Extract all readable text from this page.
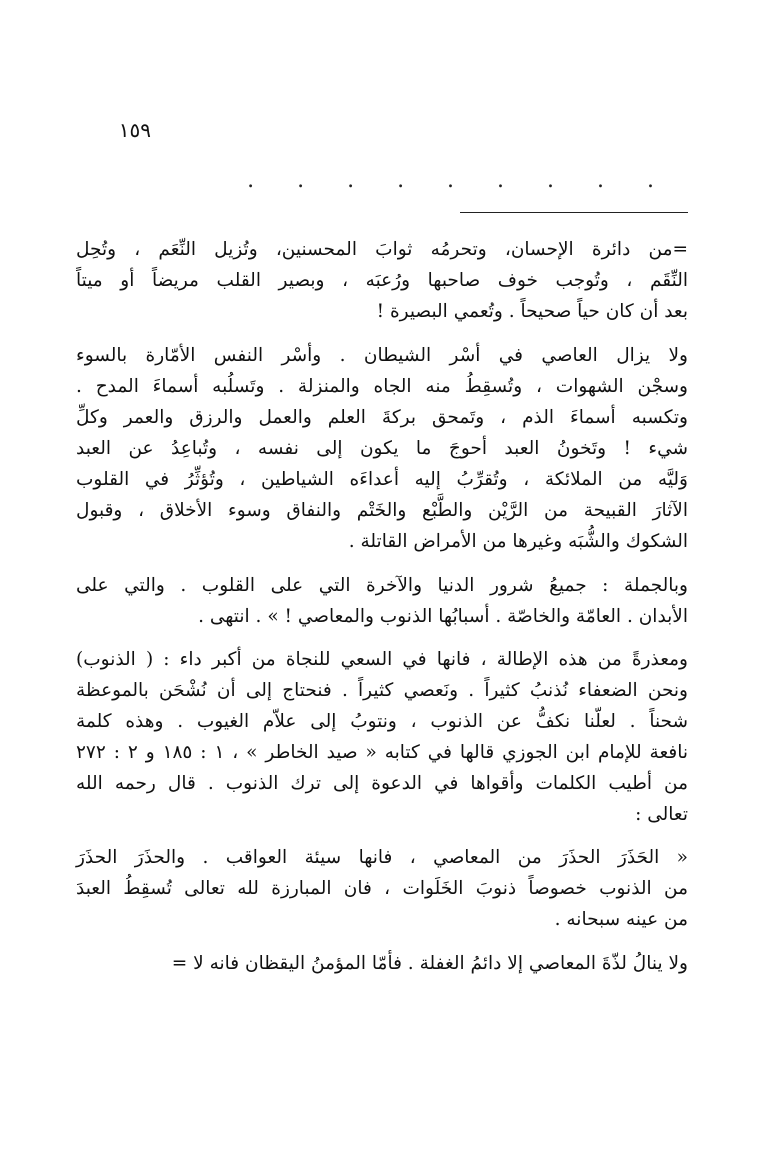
١٥٩
. . . . . . . . .
=من دائرة الإحسان، وتحرمُه ثوابَ المحسنين، وتُزيل النِّعَم ، وتُحِل
النِّقَم ، وتُوجب خوف صاحبها ورُعبَه ، وبصير القلب مريضاً أو ميتاً
بعد أن كان حياً صحيحاً . وتُعمي البصيرة !
ولا يزال العاصي في أسْر الشيطان . وأسْر النفس الأمّارة بالسوء
وسجْن الشهوات ، وتُسقِطُ منه الجاه والمنزلة . وتَسلُبه أسماءَ المدح .
وتكسبه أسماءَ الذم ، وتَمحق بركةَ العلم والعمل والرزق والعمر وكلِّ
شيء ! وتَخونُ العبد أحوجَ ما يكون إلى نفسه ، وتُباعِدُ عن العبد
وَليَّه من الملائكة ، وتُقرِّبُ إليه أعداءَه الشياطين ، وتُؤثِّرُ في القلوب
الآثارَ القبيحة من الرَّيْن والطَّبْع والخَتْم والنفاق وسوء الأخلاق ، وقبول
الشكوك والشُّبَه وغيرها من الأمراض القاتلة .
وبالجملة : جميعُ شرور الدنيا والآخرة التي على القلوب . والتي على
الأبدان . العامّة والخاصّة . أسبابُها الذنوب والمعاصي ! » . انتهى .
ومعذرةً من هذه الإطالة ، فانها في السعي للنجاة من أكبر داء : ( الذنوب)
ونحن الضعفاء نُذنبُ كثيراً . ونَعصي كثيراً . فنحتاج إلى أن نُشْحَن بالموعظة
شحناً . لعلّنا نكفُّ عن الذنوب ، ونتوبُ إلى علاّم الغيوب . وهذه كلمة
نافعة للإمام ابن الجوزي قالها في كتابه « صيد الخاطر » ، ١ : ١٨٥ و ٢ : ٢٧٢
من أطيب الكلمات وأقواها في الدعوة إلى ترك الذنوب . قال رحمه الله
تعالى :
« الحَذَرَ الحذَرَ من المعاصي ، فانها سيئة العواقب . والحذَرَ الحذَرَ
من الذنوب خصوصاً ذنوبَ الخَلَوات ، فان المبارزة لله تعالى تُسقِطُ العبدَ
من عينه سبحانه .
ولا ينالُ لذّةَ المعاصي إلا دائمُ الغفلة . فأمّا المؤمنُ اليقظان فانه لا =
